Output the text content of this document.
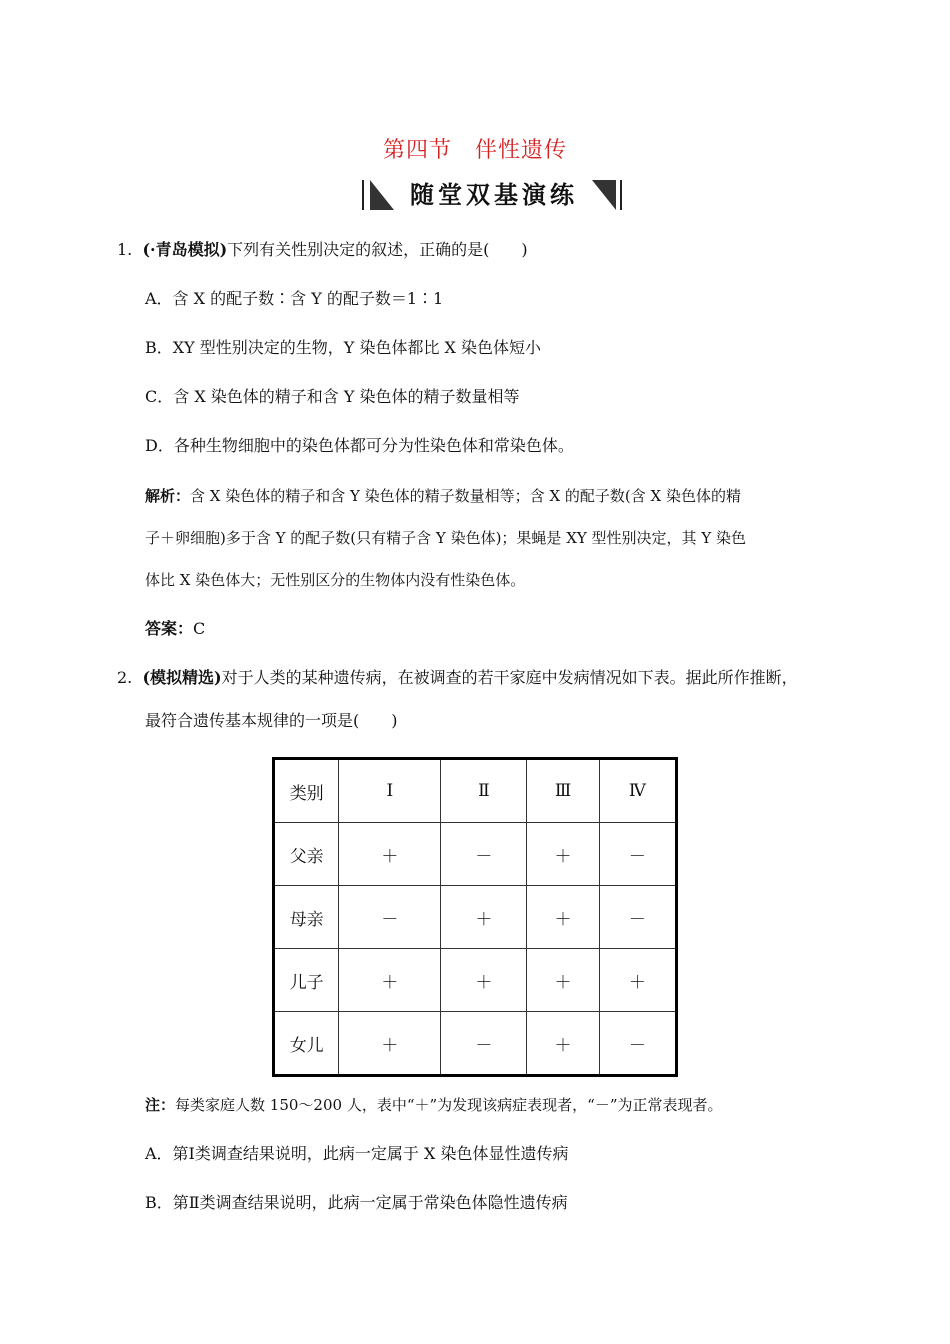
第四节　伴性遗传
随堂双基演练
1. (·青岛模拟)下列有关性别决定的叙述，正确的是(　　)
A．含 X 的配子数∶含 Y 的配子数＝1∶1
B．XY 型性别决定的生物，Y 染色体都比 X 染色体短小
C．含 X 染色体的精子和含 Y 染色体的精子数量相等
D．各种生物细胞中的染色体都可分为性染色体和常染色体。
解析：含 X 染色体的精子和含 Y 染色体的精子数量相等；含 X 的配子数(含 X 染色体的精
子＋卵细胞)多于含 Y 的配子数(只有精子含 Y 染色体)；果蝇是 XY 型性别决定，其 Y 染色
体比 X 染色体大；无性别区分的生物体内没有性染色体。
答案：C
2. (模拟精选)对于人类的某种遗传病，在被调查的若干家庭中发病情况如下表。据此所作推断，
最符合遗传基本规律的一项是(　　)
类别	Ⅰ	Ⅱ	Ⅲ	Ⅳ
父亲	＋	－	＋	－
母亲	－	＋	＋	－
儿子	＋	＋	＋	＋
女儿	＋	－	＋	－
注：每类家庭人数 150～200 人，表中“＋”为发现该病症表现者，“－”为正常表现者。
A．第Ⅰ类调查结果说明，此病一定属于 X 染色体显性遗传病
B．第Ⅱ类调查结果说明，此病一定属于常染色体隐性遗传病
